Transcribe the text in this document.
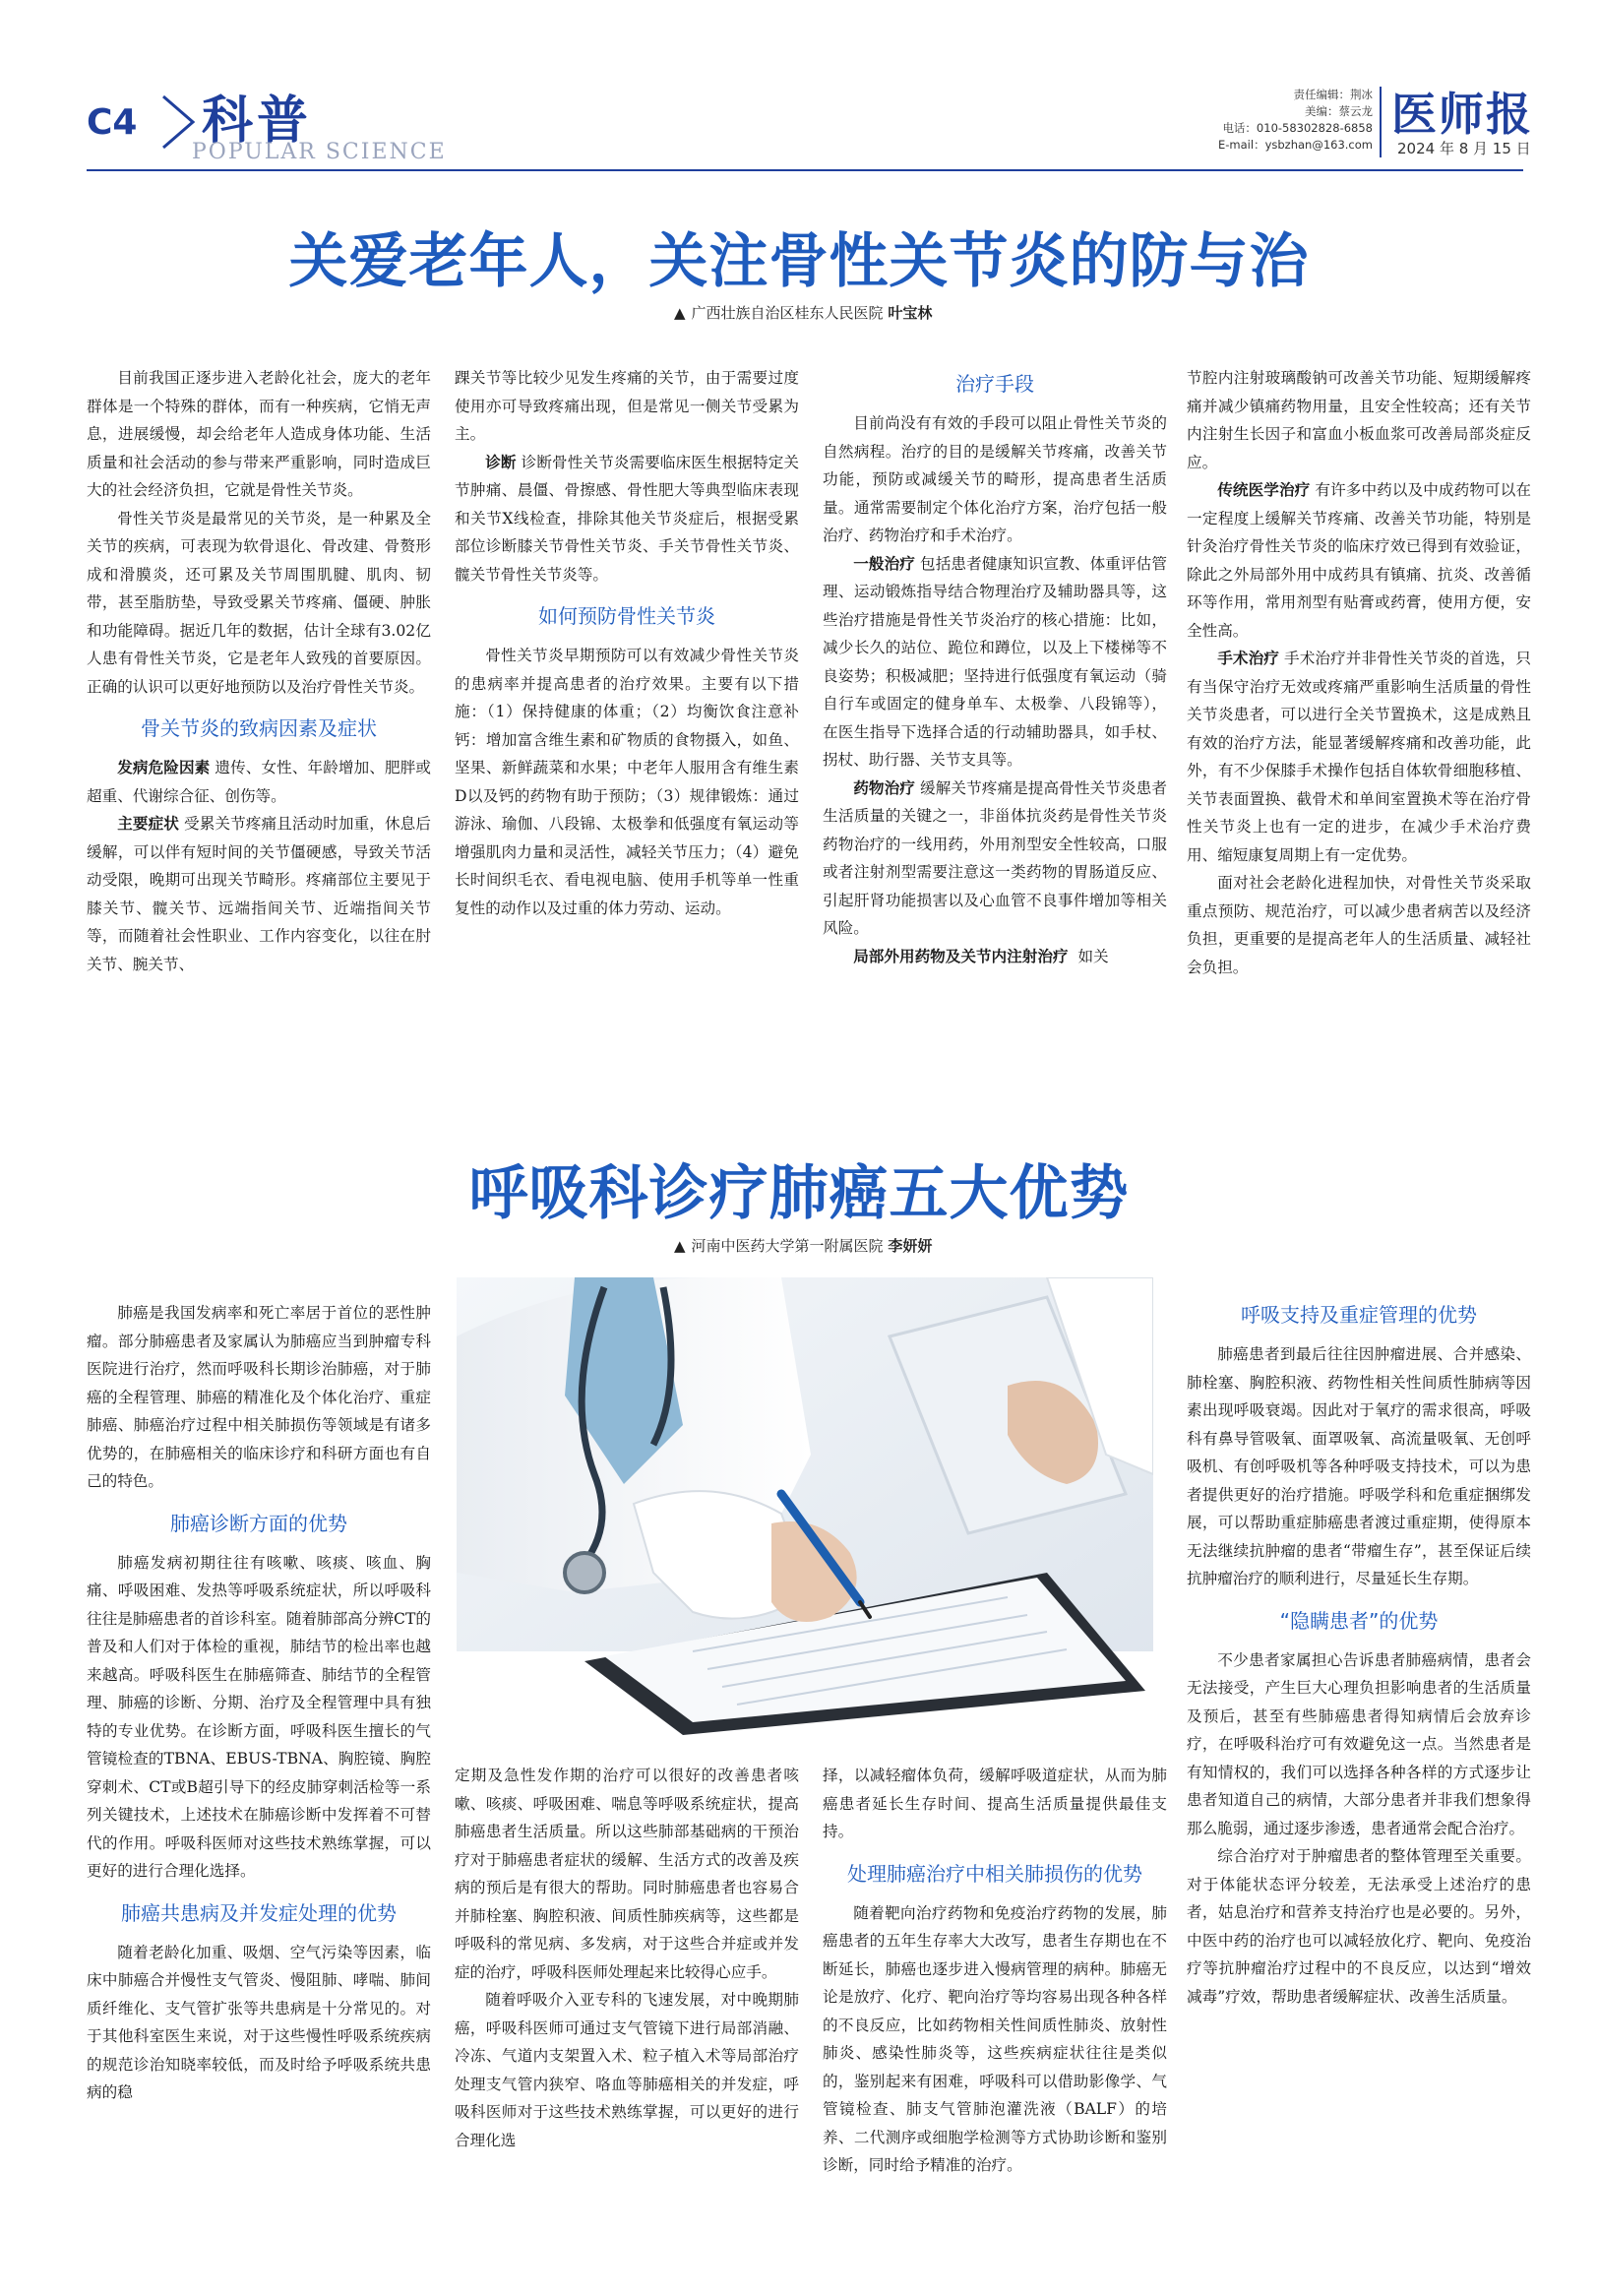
C4 科普
POPULAR SCIENCE
责任编辑：荆冰
美编：蔡云龙
电话：010-58302828-6858
E-mail：ysbzhan@163.com
医师报
2024 年 8 月 15 日
关爱老年人，关注骨性关节炎的防与治
▲ 广西壮族自治区桂东人民医院 叶宝林

目前我国正逐步进入老龄化社会，庞大的老年群体是一个特殊的群体，而有一种疾病，它悄无声息，进展缓慢，却会给老年人造成身体功能、生活质量和社会活动的参与带来严重影响，同时造成巨大的社会经济负担，它就是骨性关节炎。

骨性关节炎是最常见的关节炎，是一种累及全关节的疾病，可表现为软骨退化、骨改建、骨赘形成和滑膜炎，还可累及关节周围肌腱、肌肉、韧带，甚至脂肪垫，导致受累关节疼痛、僵硬、肿胀和功能障碍。据近几年的数据，估计全球有3.02亿人患有骨性关节炎，它是老年人致残的首要原因。正确的认识可以更好地预防以及治疗骨性关节炎。

骨关节炎的致病因素及症状

发病危险因素 遗传、女性、年龄增加、肥胖或超重、代谢综合征、创伤等。

主要症状 受累关节疼痛且活动时加重，休息后缓解，可以伴有短时间的关节僵硬感，导致关节活动受限，晚期可出现关节畸形。疼痛部位主要见于膝关节、髋关节、远端指间关节、近端指间关节等，而随着社会性职业、工作内容变化，以往在肘关节、腕关节、

踝关节等比较少见发生疼痛的关节，由于需要过度使用亦可导致疼痛出现，但是常见一侧关节受累为主。

诊断 诊断骨性关节炎需要临床医生根据特定关节肿痛、晨僵、骨擦感、骨性肥大等典型临床表现和关节X线检查，排除其他关节炎症后，根据受累部位诊断膝关节骨性关节炎、手关节骨性关节炎、髋关节骨性关节炎等。

如何预防骨性关节炎

骨性关节炎早期预防可以有效减少骨性关节炎的患病率并提高患者的治疗效果。主要有以下措施：（1）保持健康的体重；（2）均衡饮食注意补钙：增加富含维生素和矿物质的食物摄入，如鱼、坚果、新鲜蔬菜和水果；中老年人服用含有维生素D以及钙的药物有助于预防；（3）规律锻炼：通过游泳、瑜伽、八段锦、太极拳和低强度有氧运动等增强肌肉力量和灵活性，减轻关节压力；（4）避免长时间织毛衣、看电视电脑、使用手机等单一性重复性的动作以及过重的体力劳动、运动。

治疗手段

目前尚没有有效的手段可以阻止骨性关节炎的自然病程。治疗的目的是缓解关节疼痛，改善关节功能，预防或减缓关节的畸形，提高患者生活质量。通常需要制定个体化治疗方案，治疗包括一般治疗、药物治疗和手术治疗。

一般治疗 包括患者健康知识宣教、体重评估管理、运动锻炼指导结合物理治疗及辅助器具等，这些治疗措施是骨性关节炎治疗的核心措施：比如，减少长久的站位、跪位和蹲位，以及上下楼梯等不良姿势；积极减肥；坚持进行低强度有氧运动（骑自行车或固定的健身单车、太极拳、八段锦等），在医生指导下选择合适的行动辅助器具，如手杖、拐杖、助行器、关节支具等。

药物治疗 缓解关节疼痛是提高骨性关节炎患者生活质量的关键之一，非甾体抗炎药是骨性关节炎药物治疗的一线用药，外用剂型安全性较高，口服或者注射剂型需要注意这一类药物的胃肠道反应、引起肝肾功能损害以及心血管不良事件增加等相关风险。

局部外用药物及关节内注射治疗 如关

节腔内注射玻璃酸钠可改善关节功能、短期缓解疼痛并减少镇痛药物用量，且安全性较高；还有关节内注射生长因子和富血小板血浆可改善局部炎症反应。

传统医学治疗 有许多中药以及中成药物可以在一定程度上缓解关节疼痛、改善关节功能，特别是针灸治疗骨性关节炎的临床疗效已得到有效验证，除此之外局部外用中成药具有镇痛、抗炎、改善循环等作用，常用剂型有贴膏或药膏，使用方便，安全性高。

手术治疗 手术治疗并非骨性关节炎的首选，只有当保守治疗无效或疼痛严重影响生活质量的骨性关节炎患者，可以进行全关节置换术，这是成熟且有效的治疗方法，能显著缓解疼痛和改善功能，此外，有不少保膝手术操作包括自体软骨细胞移植、关节表面置换、截骨术和单间室置换术等在治疗骨性关节炎上也有一定的进步，在减少手术治疗费用、缩短康复周期上有一定优势。

面对社会老龄化进程加快，对骨性关节炎采取重点预防、规范治疗，可以减少患者病苦以及经济负担，更重要的是提高老年人的生活质量、减轻社会负担。

呼吸科诊疗肺癌五大优势
▲ 河南中医药大学第一附属医院 李妍妍

肺癌是我国发病率和死亡率居于首位的恶性肿瘤。部分肺癌患者及家属认为肺癌应当到肿瘤专科医院进行治疗，然而呼吸科长期诊治肺癌，对于肺癌的全程管理、肺癌的精准化及个体化治疗、重症肺癌、肺癌治疗过程中相关肺损伤等领域是有诸多优势的，在肺癌相关的临床诊疗和科研方面也有自己的特色。

肺癌诊断方面的优势

肺癌发病初期往往有咳嗽、咳痰、咳血、胸痛、呼吸困难、发热等呼吸系统症状，所以呼吸科往往是肺癌患者的首诊科室。随着肺部高分辨CT的普及和人们对于体检的重视，肺结节的检出率也越来越高。呼吸科医生在肺癌筛查、肺结节的全程管理、肺癌的诊断、分期、治疗及全程管理中具有独特的专业优势。在诊断方面，呼吸科医生擅长的气管镜检查的TBNA、EBUS-TBNA、胸腔镜、胸腔穿刺术、CT或B超引导下的经皮肺穿刺活检等一系列关键技术，上述技术在肺癌诊断中发挥着不可替代的作用。呼吸科医师对这些技术熟练掌握，可以更好的进行合理化选择。

肺癌共患病及并发症处理的优势

随着老龄化加重、吸烟、空气污染等因素，临床中肺癌合并慢性支气管炎、慢阻肺、哮喘、肺间质纤维化、支气管扩张等共患病是十分常见的。对于其他科室医生来说，对于这些慢性呼吸系统疾病的规范诊治知晓率较低，而及时给予呼吸系统共患病的稳

定期及急性发作期的治疗可以很好的改善患者咳嗽、咳痰、呼吸困难、喘息等呼吸系统症状，提高肺癌患者生活质量。所以这些肺部基础病的干预治疗对于肺癌患者症状的缓解、生活方式的改善及疾病的预后是有很大的帮助。同时肺癌患者也容易合并肺栓塞、胸腔积液、间质性肺疾病等，这些都是呼吸科的常见病、多发病，对于这些合并症或并发症的治疗，呼吸科医师处理起来比较得心应手。

随着呼吸介入亚专科的飞速发展，对中晚期肺癌，呼吸科医师可通过支气管镜下进行局部消融、冷冻、气道内支架置入术、粒子植入术等局部治疗处理支气管内狭窄、咯血等肺癌相关的并发症，呼吸科医师对于这些技术熟练掌握，可以更好的进行合理化选

择，以减轻瘤体负荷，缓解呼吸道症状，从而为肺癌患者延长生存时间、提高生活质量提供最佳支持。

处理肺癌治疗中相关肺损伤的优势

随着靶向治疗药物和免疫治疗药物的发展，肺癌患者的五年生存率大大改写，患者生存期也在不断延长，肺癌也逐步进入慢病管理的病种。肺癌无论是放疗、化疗、靶向治疗等均容易出现各种各样的不良反应，比如药物相关性间质性肺炎、放射性肺炎、感染性肺炎等，这些疾病症状往往是类似的，鉴别起来有困难，呼吸科可以借助影像学、气管镜检查、肺支气管肺泡灌洗液（BALF）的培养、二代测序或细胞学检测等方式协助诊断和鉴别诊断，同时给予精准的治疗。

呼吸支持及重症管理的优势

肺癌患者到最后往往因肿瘤进展、合并感染、肺栓塞、胸腔积液、药物性相关性间质性肺病等因素出现呼吸衰竭。因此对于氧疗的需求很高，呼吸科有鼻导管吸氧、面罩吸氧、高流量吸氧、无创呼吸机、有创呼吸机等各种呼吸支持技术，可以为患者提供更好的治疗措施。呼吸学科和危重症捆绑发展，可以帮助重症肺癌患者渡过重症期，使得原本无法继续抗肿瘤的患者“带瘤生存”，甚至保证后续抗肿瘤治疗的顺利进行，尽量延长生存期。

“隐瞒患者”的优势

不少患者家属担心告诉患者肺癌病情，患者会无法接受，产生巨大心理负担影响患者的生活质量及预后，甚至有些肺癌患者得知病情后会放弃诊疗，在呼吸科治疗可有效避免这一点。当然患者是有知情权的，我们可以选择各种各样的方式逐步让患者知道自己的病情，大部分患者并非我们想象得那么脆弱，通过逐步渗透，患者通常会配合治疗。

综合治疗对于肿瘤患者的整体管理至关重要。对于体能状态评分较差，无法承受上述治疗的患者，姑息治疗和营养支持治疗也是必要的。另外，中医中药的治疗也可以减轻放化疗、靶向、免疫治疗等抗肿瘤治疗过程中的不良反应，以达到“增效减毒”疗效，帮助患者缓解症状、改善生活质量。
